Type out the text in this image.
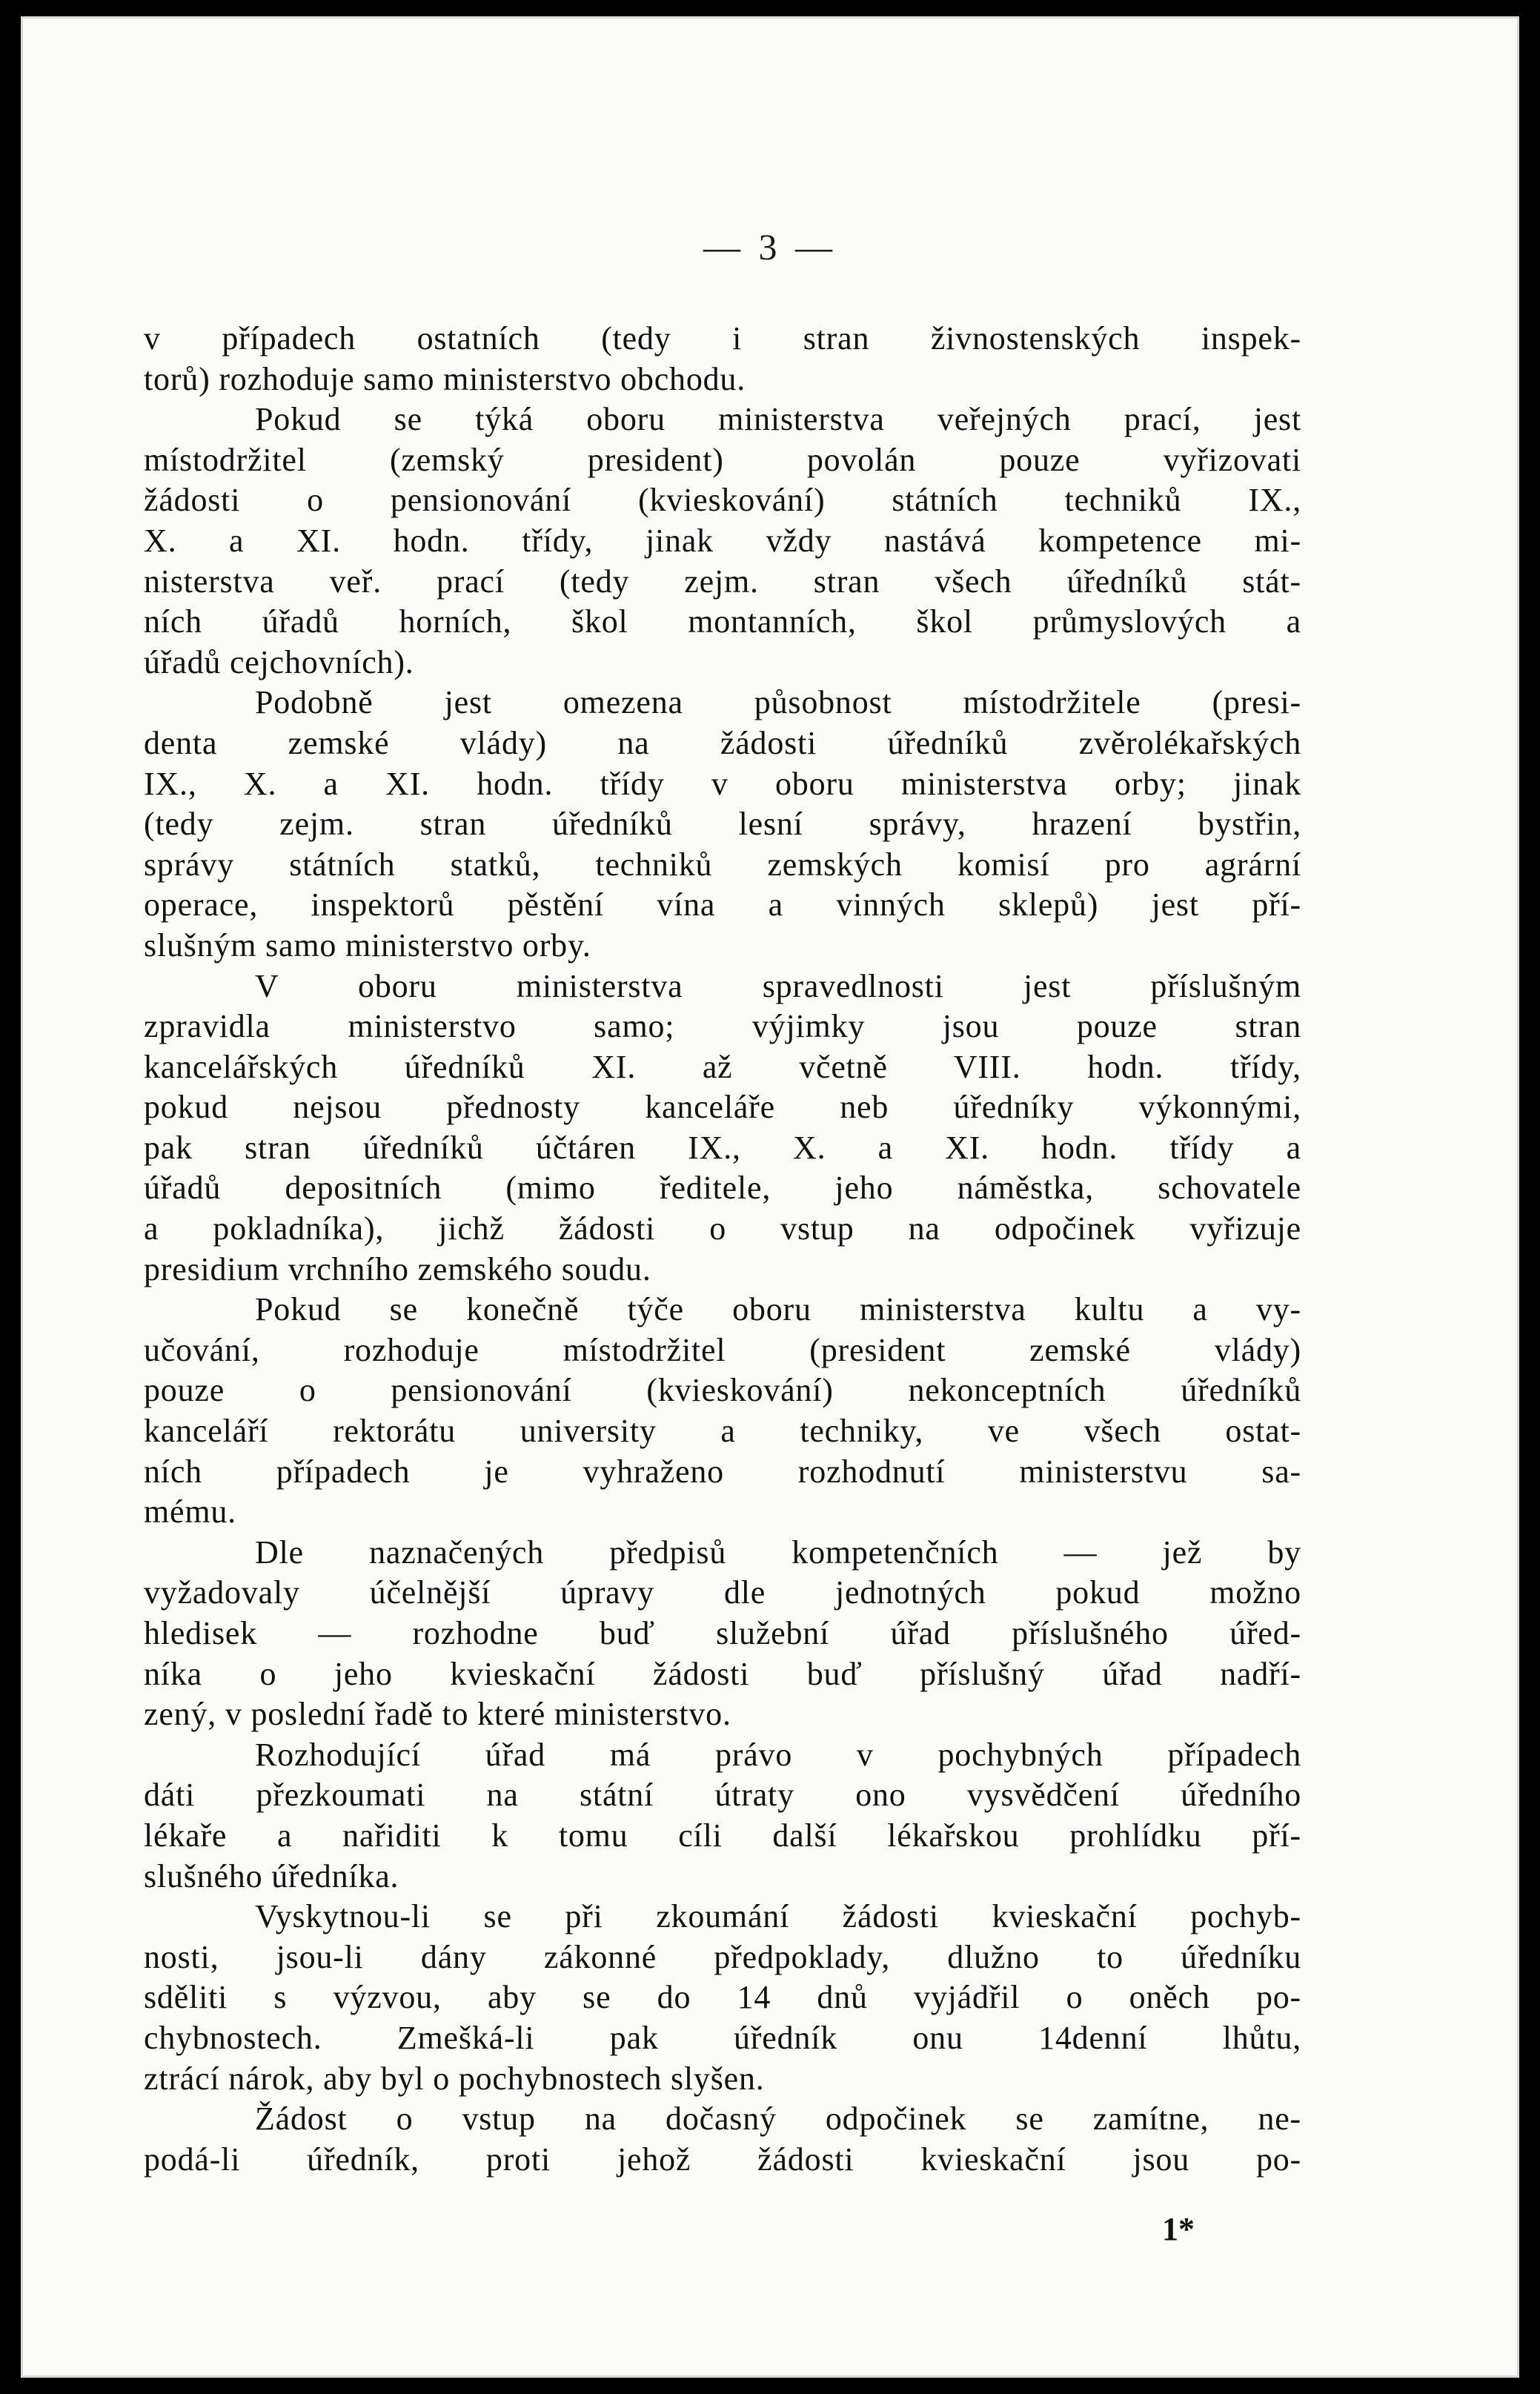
— 3 —

v případech ostatních (tedy i stran živnostenských inspek-
torů) rozhoduje samo ministerstvo obchodu.

Pokud se týká oboru ministerstva veřejných prací, jest
místodržitel (zemský president) povolán pouze vyřizovati
žádosti o pensionování (kvieskování) státních techniků IX.,
X. a XI. hodn. třídy, jinak vždy nastává kompetence mi-
nisterstva veř. prací (tedy zejm. stran všech úředníků stát-
ních úřadů horních, škol montanních, škol průmyslových a
úřadů cejchovních).

Podobně jest omezena působnost místodržitele (presi-
denta zemské vlády) na žádosti úředníků zvěrolékařských
IX., X. a XI. hodn. třídy v oboru ministerstva orby; jinak
(tedy zejm. stran úředníků lesní správy, hrazení bystřin,
správy státních statků, techniků zemských komisí pro agrární
operace, inspektorů pěstění vína a vinných sklepů) jest pří-
slušným samo ministerstvo orby.

V oboru ministerstva spravedlnosti jest příslušným
zpravidla ministerstvo samo; výjimky jsou pouze stran
kancelářských úředníků XI. až včetně VIII. hodn. třídy,
pokud nejsou přednosty kanceláře neb úředníky výkonnými,
pak stran úředníků účtáren IX., X. a XI. hodn. třídy a
úřadů depositních (mimo ředitele, jeho náměstka, schovatele
a pokladníka), jichž žádosti o vstup na odpočinek vyřizuje
presidium vrchního zemského soudu.

Pokud se konečně týče oboru ministerstva kultu a vy-
učování, rozhoduje místodržitel (president zemské vlády)
pouze o pensionování (kvieskování) nekonceptních úředníků
kanceláří rektorátu university a techniky, ve všech ostat-
ních případech je vyhraženo rozhodnutí ministerstvu sa-
mému.

Dle naznačených předpisů kompetenčních — jež by
vyžadovaly účelnější úpravy dle jednotných pokud možno
hledisek — rozhodne buď služební úřad příslušného úřed-
níka o jeho kvieskační žádosti buď příslušný úřad nadří-
zený, v poslední řadě to které ministerstvo.

Rozhodující úřad má právo v pochybných případech
dáti přezkoumati na státní útraty ono vysvědčení úředního
lékaře a nařiditi k tomu cíli další lékařskou prohlídku pří-
slušného úředníka.

Vyskytnou-li se při zkoumání žádosti kvieskační pochyb-
nosti, jsou-li dány zákonné předpoklady, dlužno to úředníku
sděliti s výzvou, aby se do 14 dnů vyjádřil o oněch po-
chybnostech. Zmešká-li pak úředník onu 14denní lhůtu,
ztrácí nárok, aby byl o pochybnostech slyšen.

Žádost o vstup na dočasný odpočinek se zamítne, ne-
podá-li úředník, proti jehož žádosti kvieskační jsou po-

1*
